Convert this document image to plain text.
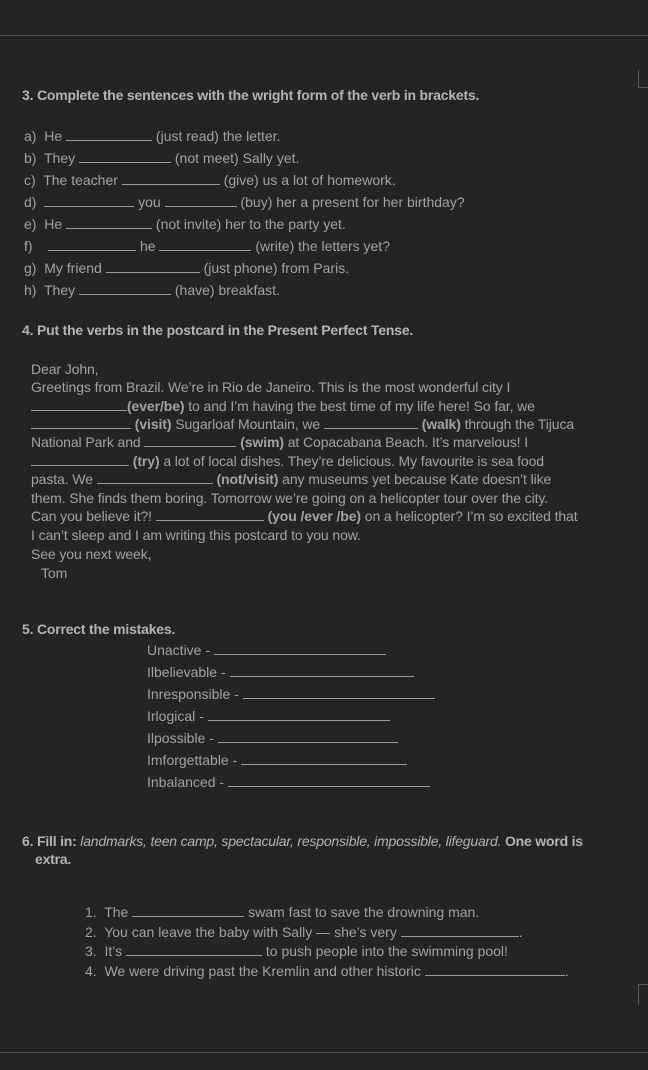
3. Complete the sentences with the wright form of the verb in brackets.
a) He	(just read) the letter.
b) They	(not meet) Sally yet.
c) The teacher	(give) us a lot of homework.
d)	you	(buy) her a present for her birthday?
e) He	(not invite) her to the party yet.
f)	he	(write) the letters yet?
g) My friend	(just phone) from Paris.
h) They	(have) breakfast.
4. Put the verbs in the postcard in the Present Perfect Tense.
Dear John,
Greetings from Brazil. We’re in Rio de Janeiro. This is the most wonderful city I
(ever/be) to and I’m having the best time of my life here! So far, we
(visit) Sugarloaf Mountain, we	(walk) through the Tijuca
National Park and	(swim) at Copacabana Beach. It’s marvelous! I
(try) a lot of local dishes. They’re delicious. My favourite is sea food
pasta. We	(not/visit) any museums yet because Kate doesn’t like
them. She finds them boring. Tomorrow we’re going on a helicopter tour over the city.
Can you believe it?!	(you /ever /be) on a helicopter? I’m so excited that
I can’t sleep and I am writing this postcard to you now.
See you next week,
Tom
5. Correct the mistakes.
Unactive -
Ilbelievable -
Inresponsible -
Irlogical -
Ilpossible -
Imforgettable -
Inbalanced -
6. Fill in: landmarks, teen camp, spectacular, responsible, impossible, lifeguard. One word is
extra.
1. The	swam fast to save the drowning man.
2. You can leave the baby with Sally — she’s very	.
3. It’s	to push people into the swimming pool!
4. We were driving past the Kremlin and other historic	.
